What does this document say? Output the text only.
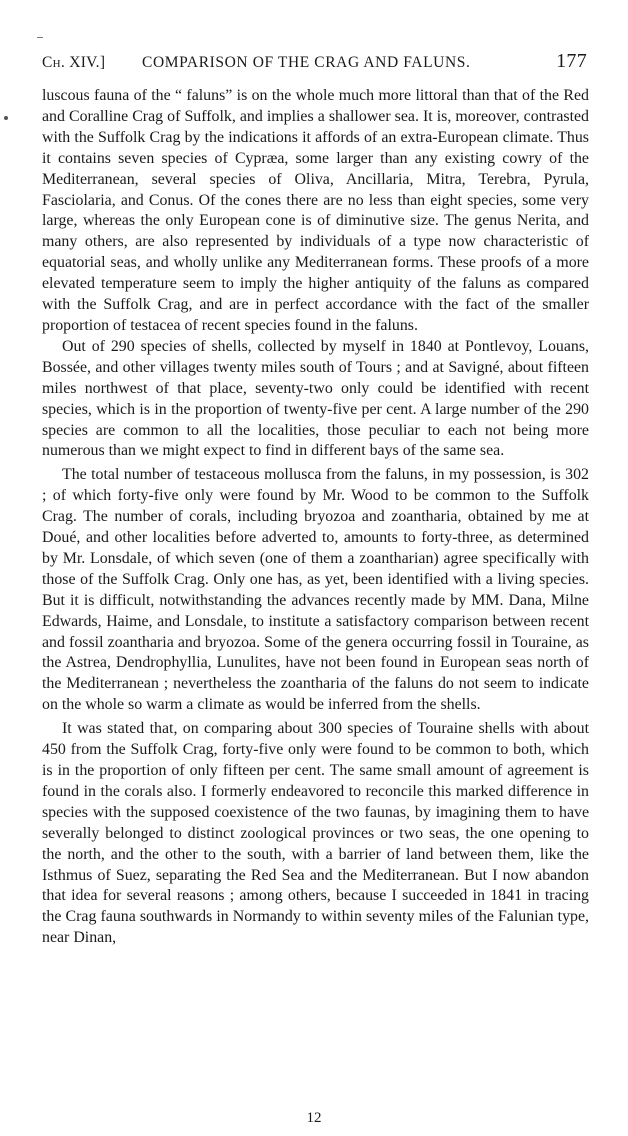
Ch. XIV.] COMPARISON OF THE CRAG AND FALUNS.	177

luscous fauna of the “ faluns” is on the whole much more littoral than that of the Red and Coralline Crag of Suffolk, and implies a shallower sea. It is, moreover, contrasted with the Suffolk Crag by the indications it affords of an extra-European climate. Thus it contains seven species of Cypræa, some larger than any existing cowry of the Mediterranean, several species of Oliva, Ancillaria, Mitra, Terebra, Pyrula, Fasciolaria, and Conus. Of the cones there are no less than eight species, some very large, whereas the only European cone is of diminutive size. The genus Nerita, and many others, are also represented by individuals of a type now characteristic of equatorial seas, and wholly unlike any Mediterranean forms. These proofs of a more elevated temperature seem to imply the higher antiquity of the faluns as compared with the Suffolk Crag, and are in perfect accordance with the fact of the smaller proportion of testacea of recent species found in the faluns.

Out of 290 species of shells, collected by myself in 1840 at Pontlevoy, Louans, Bossée, and other villages twenty miles south of Tours ; and at Savigné, about fifteen miles northwest of that place, seventy-two only could be identified with recent species, which is in the proportion of twenty-five per cent. A large number of the 290 species are common to all the localities, those peculiar to each not being more numerous than we might expect to find in different bays of the same sea.

The total number of testaceous mollusca from the faluns, in my possession, is 302 ; of which forty-five only were found by Mr. Wood to be common to the Suffolk Crag. The number of corals, including bryozoa and zoantharia, obtained by me at Doué, and other localities before adverted to, amounts to forty-three, as determined by Mr. Lonsdale, of which seven (one of them a zoantharian) agree specifically with those of the Suffolk Crag. Only one has, as yet, been identified with a living species. But it is difficult, notwithstanding the advances recently made by MM. Dana, Milne Edwards, Haime, and Lonsdale, to institute a satisfactory comparison between recent and fossil zoantharia and bryozoa. Some of the genera occurring fossil in Touraine, as the Astrea, Dendrophyllia, Lunulites, have not been found in European seas north of the Mediterranean ; nevertheless the zoantharia of the faluns do not seem to indicate on the whole so warm a climate as would be inferred from the shells.

It was stated that, on comparing about 300 species of Touraine shells with about 450 from the Suffolk Crag, forty-five only were found to be common to both, which is in the proportion of only fifteen per cent. The same small amount of agreement is found in the corals also. I formerly endeavored to reconcile this marked difference in species with the supposed coexistence of the two faunas, by imagining them to have severally belonged to distinct zoological provinces or two seas, the one opening to the north, and the other to the south, with a barrier of land between them, like the Isthmus of Suez, separating the Red Sea and the Mediterranean. But I now abandon that idea for several reasons ; among others, because I succeeded in 1841 in tracing the Crag fauna southwards in Normandy to within seventy miles of the Falunian type, near Dinan,

12
